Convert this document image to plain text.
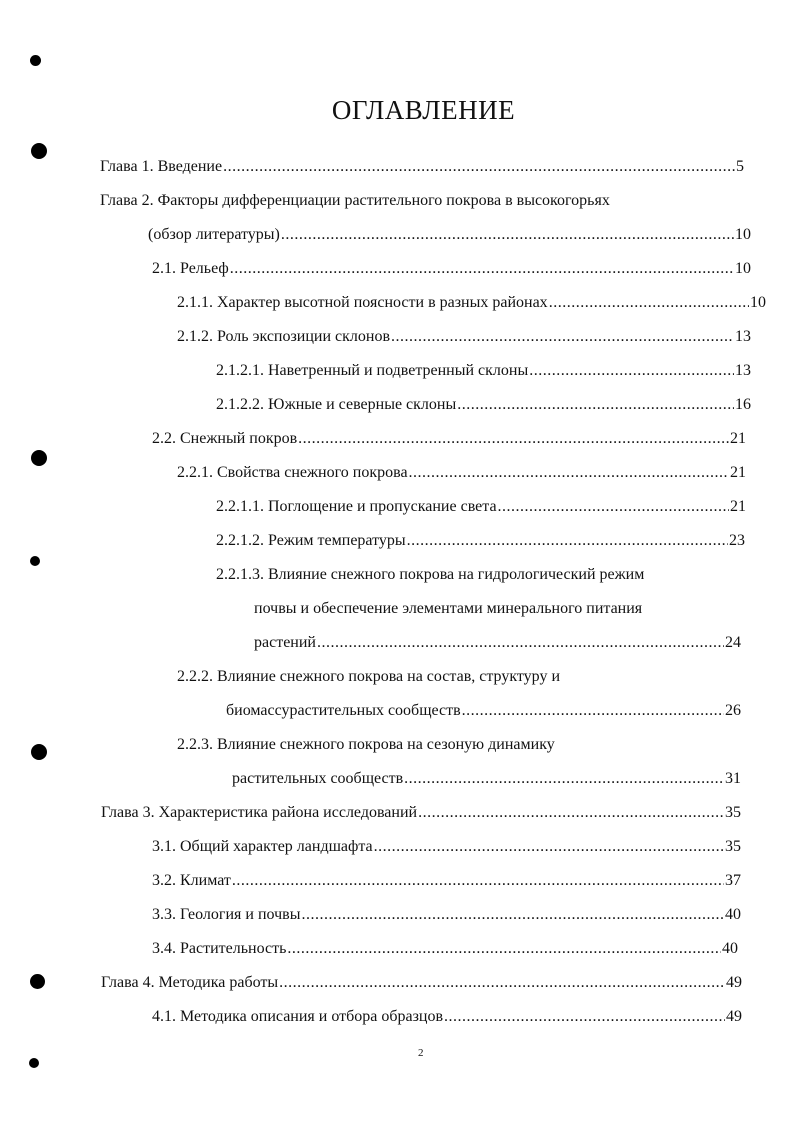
ОГЛАВЛЕНИЕ
Глава 1. Введение .....	5
Глава 2. Факторы дифференциации растительного покрова в высокогорьях
(обзор литературы) .....	10
2.1. Рельеф .....	10
2.1.1. Характер высотной поясности в разных районах .....	10
2.1.2. Роль экспозиции склонов .....	13
2.1.2.1. Наветренный и подветренный склоны .....	13
2.1.2.2. Южные и северные склоны .....	16
2.2. Снежный покров .....	21
2.2.1. Свойства снежного покрова .....	21
2.2.1.1. Поглощение и пропускание света .....	21
2.2.1.2. Режим температуры .....	23
2.2.1.3. Влияние снежного покрова на гидрологический режим
почвы и обеспечение элементами минерального питания
растений .....	24
2.2.2. Влияние снежного покрова на состав, структуру и
биомассурастительных сообществ .....	26
2.2.3. Влияние снежного покрова на сезоную динамику
растительных сообществ .....	31
Глава 3. Характеристика района исследований .....	35
3.1. Общий характер ландшафта .....	35
3.2. Климат .....	37
3.3. Геология и почвы .....	40
3.4. Растительность .....	40
Глава 4. Методика работы .....	49
4.1. Методика описания и отбора образцов .....	49
2
